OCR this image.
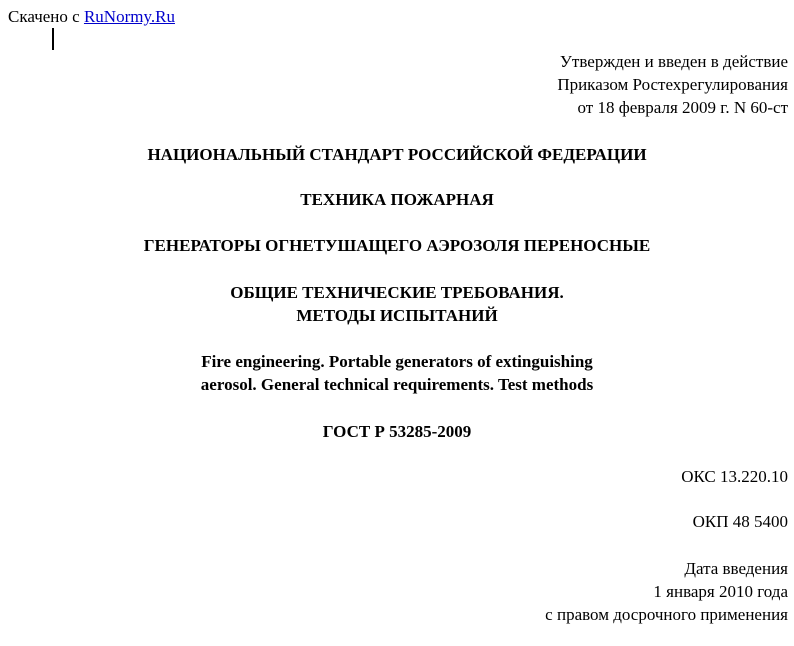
Скачено с RuNormy.Ru
Утвержден и введен в действие
Приказом Ростехрегулирования
от 18 февраля 2009 г. N 60-ст
НАЦИОНАЛЬНЫЙ СТАНДАРТ РОССИЙСКОЙ ФЕДЕРАЦИИ
ТЕХНИКА ПОЖАРНАЯ
ГЕНЕРАТОРЫ ОГНЕТУШАЩЕГО АЭРОЗОЛЯ ПЕРЕНОСНЫЕ
ОБЩИЕ ТЕХНИЧЕСКИЕ ТРЕБОВАНИЯ.
МЕТОДЫ ИСПЫТАНИЙ
Fire engineering. Portable generators of extinguishing
aerosol. General technical requirements. Test methods
ГОСТ Р 53285-2009
ОКС 13.220.10
ОКП 48 5400
Дата введения
1 января 2010 года
с правом досрочного применения
